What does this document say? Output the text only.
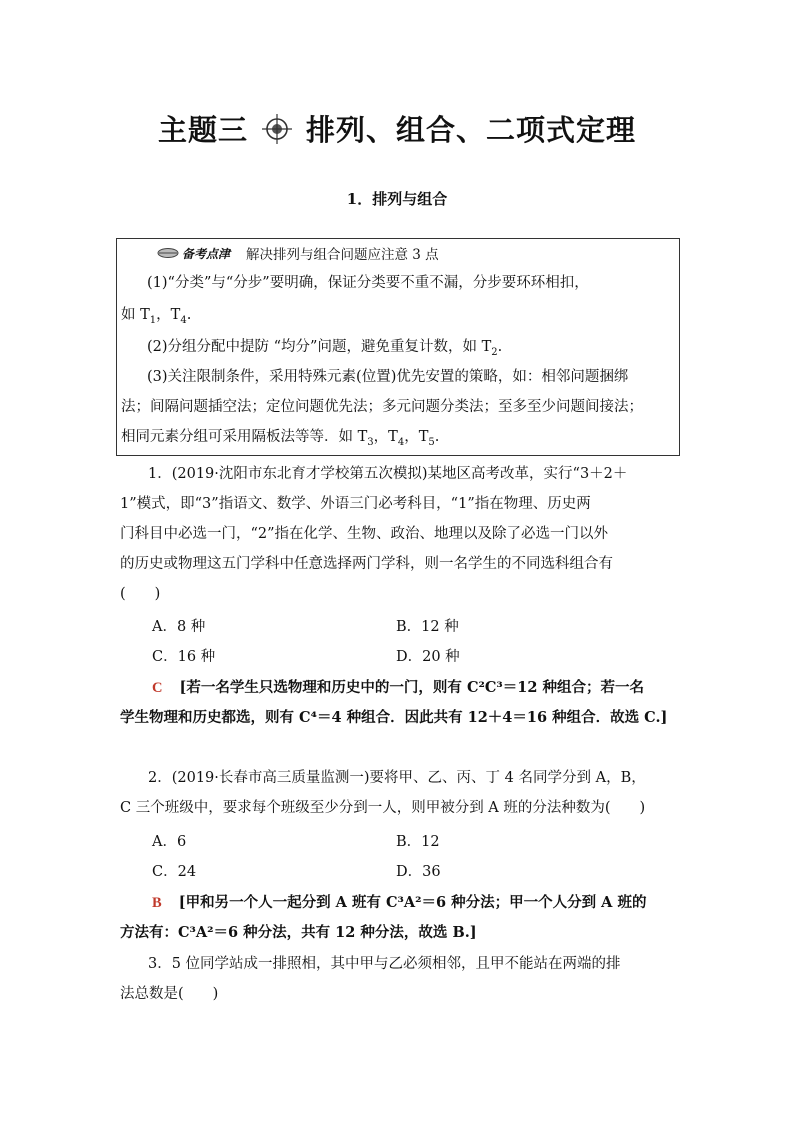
主题三 排列、组合、二项式定理
1．排列与组合
备考点津 解决排列与组合问题应注意 3 点
(1)“分类”与“分步”要明确，保证分类要不重不漏，分步要环环相扣，
如 $T_1$，$T_4$.
(2)分组分配中提防 “均分”问题，避免重复计数，如 $T_2$.
(3)关注限制条件，采用特殊元素(位置)优先安置的策略，如：相邻问题捆绑
法；间隔问题插空法；定位问题优先法；多元问题分类法；至多至少问题间接法；
相同元素分组可采用隔板法等等．如 $T_3$，$T_4$，$T_5$.
1．(2019·沈阳市东北育才学校第五次模拟)某地区高考改革，实行“3＋2＋
1”模式，即“3”指语文、数学、外语三门必考科目，“1”指在物理、历史两
门科目中必选一门，“2”指在化学、生物、政治、地理以及除了必选一门以外
的历史或物理这五门学科中任意选择两门学科，则一名学生的不同选科组合有
(　　)
A．8 种	B．12 种
C．16 种	D．20 种
C [若一名学生只选物理和历史中的一门，则有 C²C³＝12 种组合；若一名
学生物理和历史都选，则有 C⁴＝4 种组合．因此共有 12＋4＝16 种组合．故选 C.]
2．(2019·长春市高三质量监测一)要将甲、乙、丙、丁 4 名同学分到 A，B，
C 三个班级中，要求每个班级至少分到一人，则甲被分到 A 班的分法种数为(　　)
A．6	B．12
C．24	D．36
B [甲和另一个人一起分到 A 班有 C³A²＝6 种分法；甲一个人分到 A 班的
方法有：C³A²＝6 种分法，共有 12 种分法，故选 B.]
3．5 位同学站成一排照相，其中甲与乙必须相邻，且甲不能站在两端的排
法总数是(　　)
